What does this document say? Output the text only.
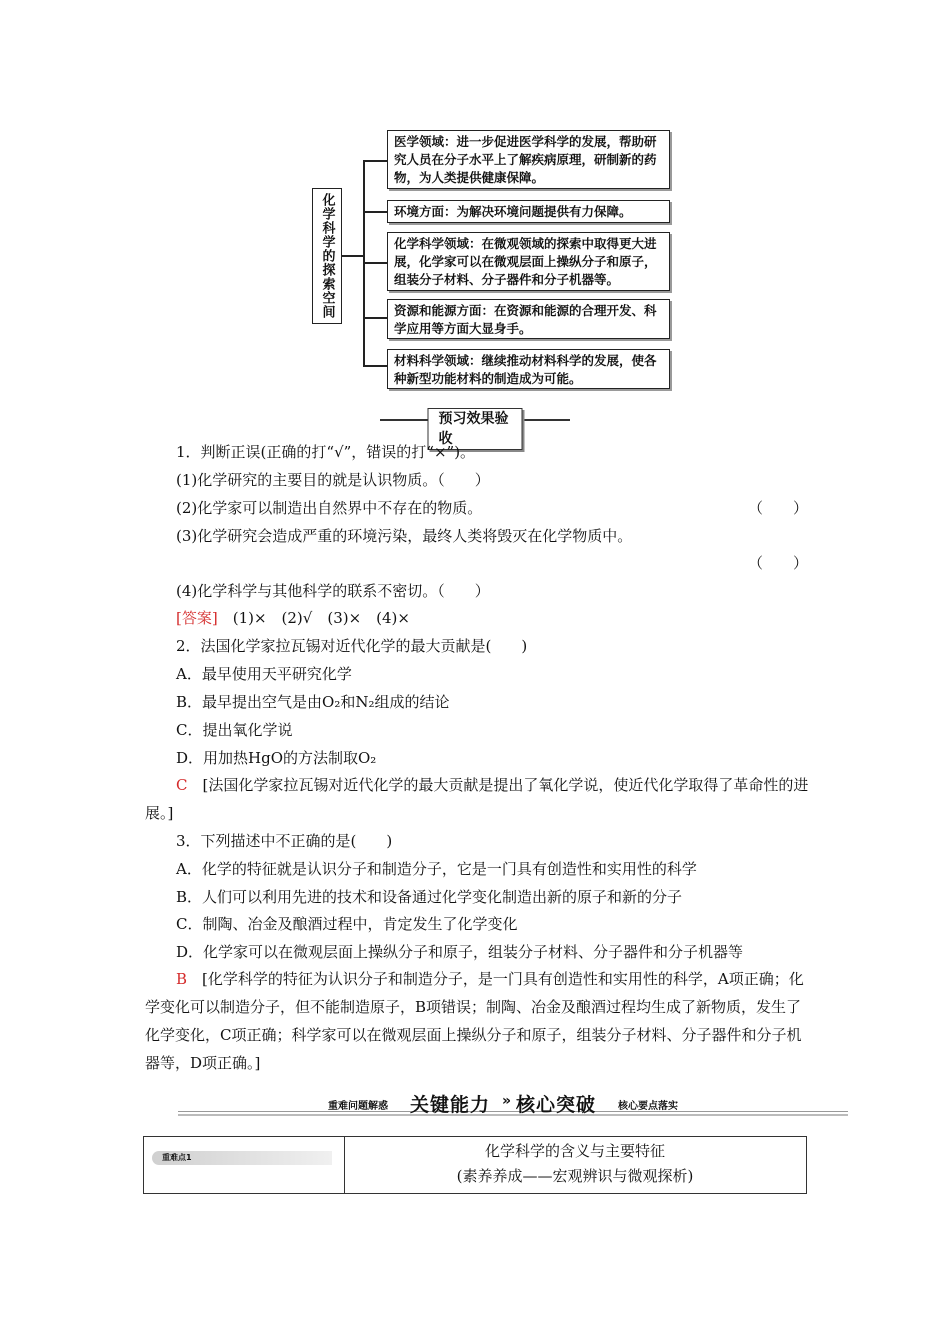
化学科学的探索空间
医学领域：进一步促进医学科学的发展，帮助研究人员在分子水平上了解疾病原理，研制新的药物，为人类提供健康保障。
环境方面：为解决环境问题提供有力保障。
化学科学领域：在微观领域的探索中取得更大进展，化学家可以在微观层面上操纵分子和原子，组装分子材料、分子器件和分子机器等。
资源和能源方面：在资源和能源的合理开发、科学应用等方面大显身手。
材料科学领域：继续推动材料科学的发展，使各种新型功能材料的制造成为可能。
预习效果验收
1．判断正误(正确的打“√”，错误的打“×”)。
(1)化学研究的主要目的就是认识物质。（　　）
(2)化学家可以制造出自然界中不存在的物质。	（　　）
(3)化学研究会造成严重的环境污染，最终人类将毁灭在化学物质中。
（　　）
(4)化学科学与其他科学的联系不密切。（　　）
[答案]　(1)×　(2)√　(3)×　(4)×
2．法国化学家拉瓦锡对近代化学的最大贡献是(　　)
A．最早使用天平研究化学
B．最早提出空气是由O₂和N₂组成的结论
C．提出氧化学说
D．用加热HgO的方法制取O₂
C　[法国化学家拉瓦锡对近代化学的最大贡献是提出了氧化学说，使近代化学取得了革命性的进展。]
3．下列描述中不正确的是(　　)
A．化学的特征就是认识分子和制造分子，它是一门具有创造性和实用性的科学
B．人们可以利用先进的技术和设备通过化学变化制造出新的原子和新的分子
C．制陶、冶金及酿酒过程中，肯定发生了化学变化
D．化学家可以在微观层面上操纵分子和原子，组装分子材料、分子器件和分子机器等
B　[化学科学的特征为认识分子和制造分子，是一门具有创造性和实用性的科学，A项正确；化学变化可以制造分子，但不能制造原子，B项错误；制陶、冶金及酿酒过程均生成了新物质，发生了化学变化，C项正确；科学家可以在微观层面上操纵分子和原子，组装分子材料、分子器件和分子机器等，D项正确。]
重难问题解惑 关键能力 » 核心突破 核心要点落实
重难点1	化学科学的含义与主要特征
(素养养成——宏观辨识与微观探析)
